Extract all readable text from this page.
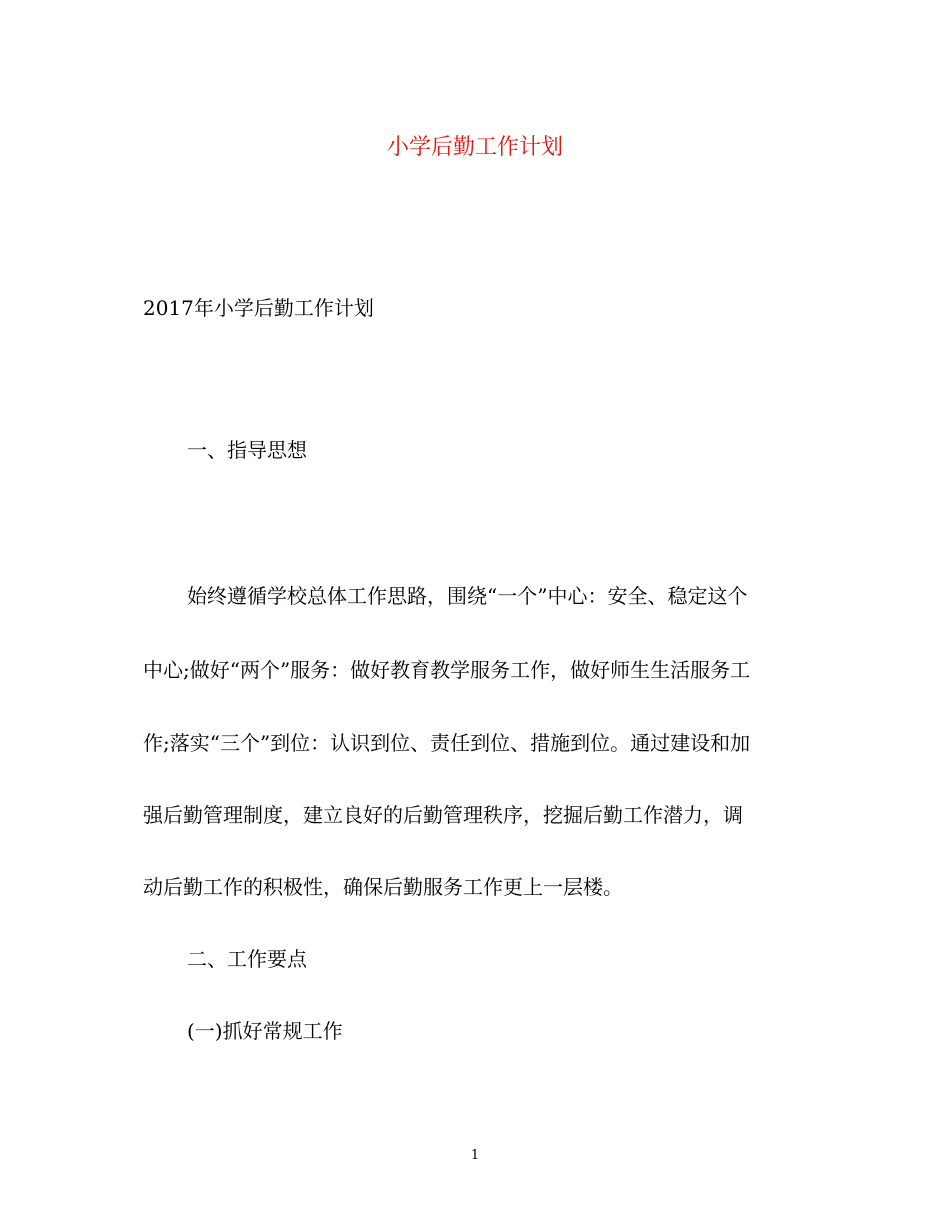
小学后勤工作计划
2017年小学后勤工作计划
一、指导思想
始终遵循学校总体工作思路，围绕“一个”中心：安全、稳定这个
中心;做好“两个”服务：做好教育教学服务工作，做好师生生活服务工
作;落实“三个”到位：认识到位、责任到位、措施到位。通过建设和加
强后勤管理制度，建立良好的后勤管理秩序，挖掘后勤工作潜力，调
动后勤工作的积极性，确保后勤服务工作更上一层楼。
二、工作要点
(一)抓好常规工作
1
